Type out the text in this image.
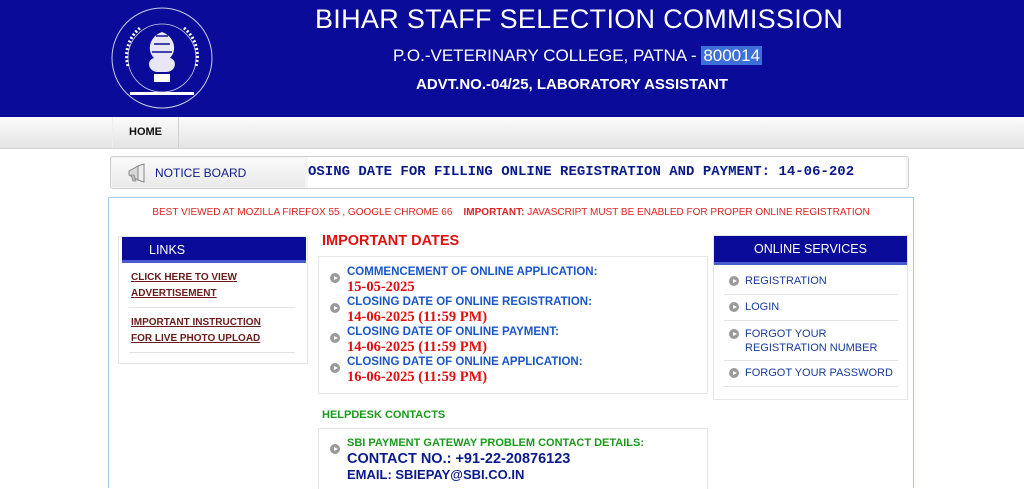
BIHAR STAFF SELECTION COMMISSION
P.O.-VETERINARY COLLEGE, PATNA - 800014
ADVT.NO.-04/25, LABORATORY ASSISTANT
HOME
NOTICE BOARD	OSING DATE FOR FILLING ONLINE REGISTRATION AND PAYMENT: 14-06-202
BEST VIEWED AT MOZILLA FIREFOX 55 , GOOGLE CHROME 66 IMPORTANT: JAVASCRIPT MUST BE ENABLED FOR PROPER ONLINE REGISTRATION
LINKS
CLICK HERE TO VIEW
ADVERTISEMENT
IMPORTANT INSTRUCTION
FOR LIVE PHOTO UPLOAD
IMPORTANT DATES
COMMENCEMENT OF ONLINE APPLICATION:
15-05-2025
CLOSING DATE OF ONLINE REGISTRATION:
14-06-2025 (11:59 PM)
CLOSING DATE OF ONLINE PAYMENT:
14-06-2025 (11:59 PM)
CLOSING DATE OF ONLINE APPLICATION:
16-06-2025 (11:59 PM)
HELPDESK CONTACTS
SBI PAYMENT GATEWAY PROBLEM CONTACT DETAILS:
CONTACT NO.: +91-22-20876123
EMAIL: SBIEPAY@SBI.CO.IN
ONLINE SERVICES
REGISTRATION
LOGIN
FORGOT YOUR
REGISTRATION NUMBER
FORGOT YOUR PASSWORD
